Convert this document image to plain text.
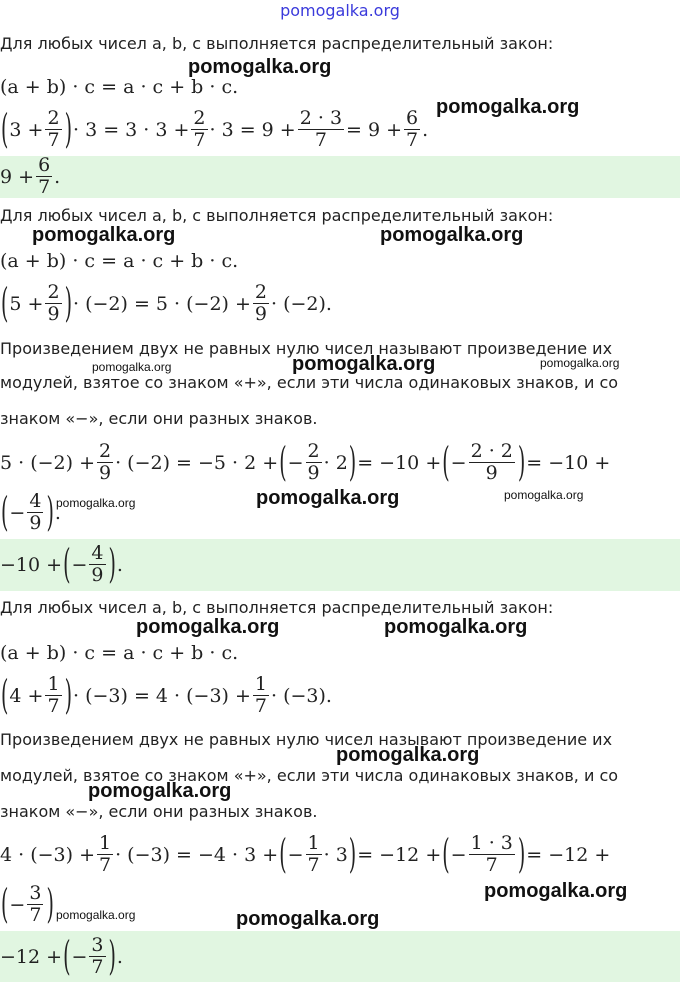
pomogalka.org
Для любых чисел a, b, c выполняется распределительный закон:
(a + b) · c = a · c + b · c.
( $3 + \frac{2}{7}$ ) · $3 = 3 \cdot 3 + \frac{2}{7} \cdot 3 = 9 + \frac{2 \cdot 3}{7} = 9 + \frac{6}{7}$ .
$9 + \frac{6}{7}$ .
Для любых чисел a, b, c выполняется распределительный закон:
(a + b) · c = a · c + b · c.
( $5 + \frac{2}{9}$ ) · $(-2) = 5 \cdot (-2) + \frac{2}{9} \cdot (-2)$.
Произведением двух не равных нулю чисел называют произведение их
модулей, взятое со знаком «+», если эти числа одинаковых знаков, и со
знаком «−», если они разных знаков.
$5 \cdot (-2) + \frac{2}{9} \cdot (-2) = -5 \cdot 2$ + ( − $\frac{2}{9} \cdot 2$ ) = −10 + ( − $\frac{2 \cdot 2}{9}$ ) = −10 +
( − $\frac{4}{9}$ ) .
−10 + ( − $\frac{4}{9}$ ) .
Для любых чисел a, b, c выполняется распределительный закон:
(a + b) · c = a · c + b · c.
( $4 + \frac{1}{7}$ ) · $(-3) = 4 \cdot (-3) + \frac{1}{7} \cdot (-3)$.
Произведением двух не равных нулю чисел называют произведение их
модулей, взятое со знаком «+», если эти числа одинаковых знаков, и со
знаком «−», если они разных знаков.
$4 \cdot (-3) + \frac{1}{7} \cdot (-3) = -4 \cdot 3$ + ( − $\frac{1}{7} \cdot 3$ ) = −12 + ( − $\frac{1 \cdot 3}{7}$ ) = −12 +
( − $\frac{3}{7}$ )
−12 + ( − $\frac{3}{7}$ ) .
pomogalka.org
pomogalka.org
pomogalka.org	pomogalka.org
pomogalka.org	pomogalka.org	pomogalka.org
pomogalka.org	pomogalka.org	pomogalka.org
pomogalka.org	pomogalka.org
pomogalka.org
pomogalka.org
pomogalka.org
pomogalka.org	pomogalka.org
